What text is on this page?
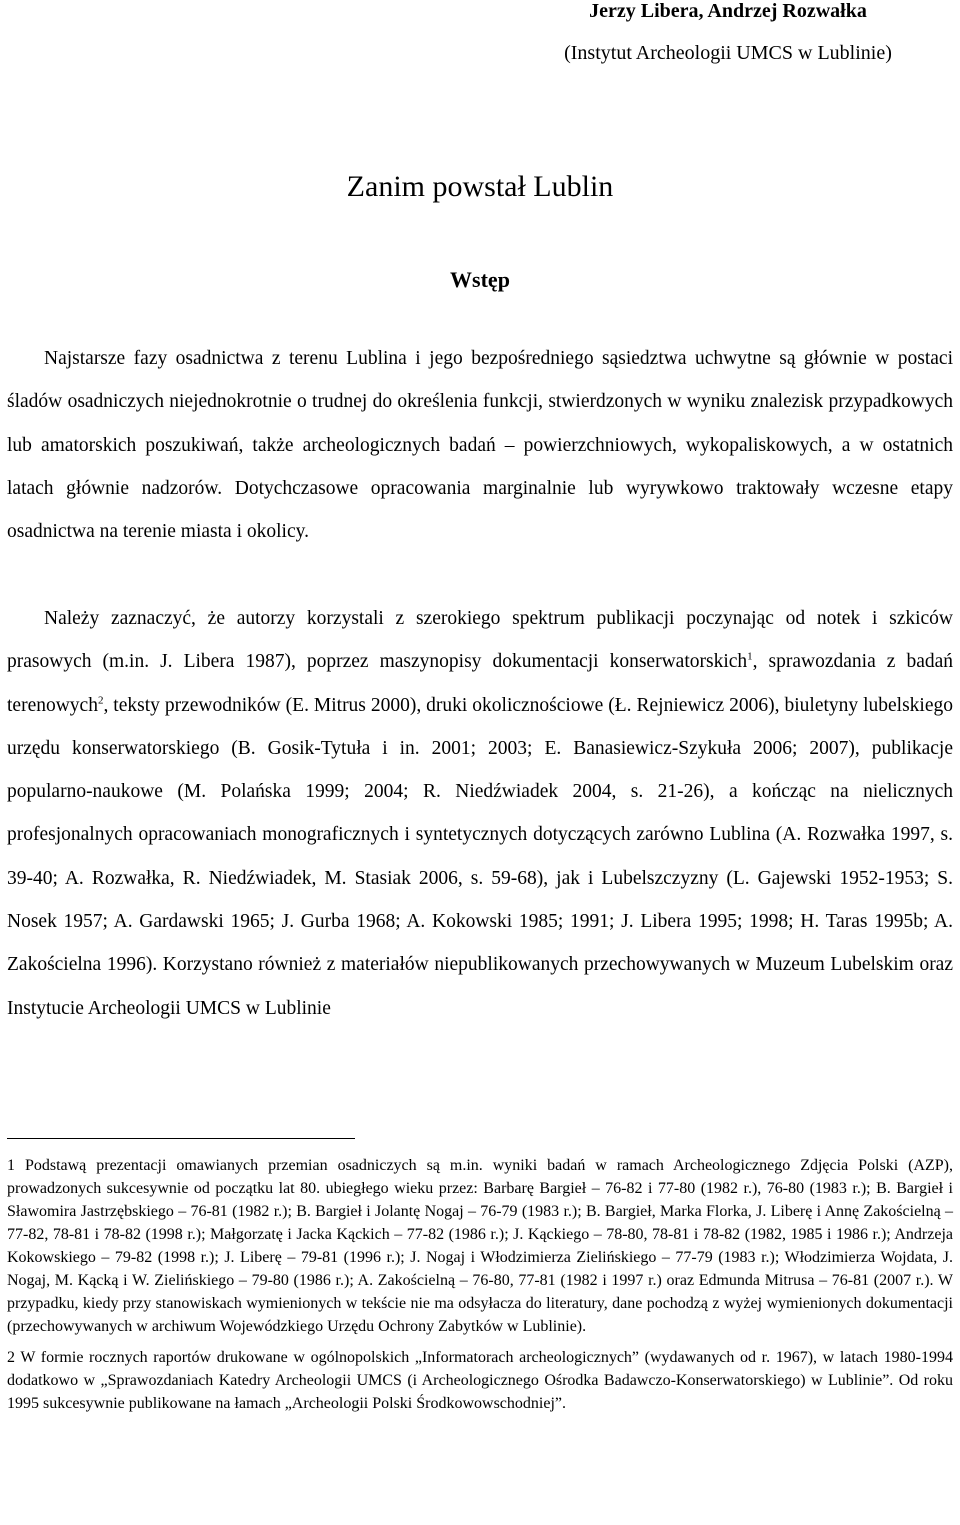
Jerzy Libera, Andrzej Rozwałka
(Instytut Archeologii UMCS w Lublinie)
Zanim powstał Lublin
Wstęp

Najstarsze fazy osadnictwa z terenu Lublina i jego bezpośredniego sąsiedztwa uchwytne są głównie w postaci śladów osadniczych niejednokrotnie o trudnej do określenia funkcji, stwierdzonych w wyniku znalezisk przypadkowych lub amatorskich poszukiwań, także archeologicznych badań – powierzchniowych, wykopaliskowych, a w ostatnich latach głównie nadzorów. Dotychczasowe opracowania marginalnie lub wyrywkowo traktowały wczesne etapy osadnictwa na terenie miasta i okolicy.

Należy zaznaczyć, że autorzy korzystali z szerokiego spektrum publikacji poczynając od notek i szkiców prasowych (m.in. J. Libera 1987), poprzez maszynopisy dokumentacji konserwatorskich$^1$, sprawozdania z badań terenowych$^2$, teksty przewodników (E. Mitrus 2000), druki okolicznościowe (Ł. Rejniewicz 2006), biuletyny lubelskiego urzędu konserwatorskiego (B. Gosik-Tytuła i in. 2001; 2003; E. Banasiewicz-Szykuła 2006; 2007), publikacje popularno-naukowe (M. Polańska 1999; 2004; R. Niedźwiadek 2004, s. 21-26), a kończąc na nielicznych profesjonalnych opracowaniach monograficznych i syntetycznych dotyczących zarówno Lublina (A. Rozwałka 1997, s. 39-40; A. Rozwałka, R. Niedźwiadek, M. Stasiak 2006, s. 59-68), jak i Lubelszczyzny (L. Gajewski 1952-1953; S. Nosek 1957; A. Gardawski 1965; J. Gurba 1968; A. Kokowski 1985; 1991; J. Libera 1995; 1998; H. Taras 1995b; A. Zakościelna 1996). Korzystano również z materiałów niepublikowanych przechowywanych w Muzeum Lubelskim oraz Instytucie Archeologii UMCS w Lublinie

1 Podstawą prezentacji omawianych przemian osadniczych są m.in. wyniki badań w ramach Archeologicznego Zdjęcia Polski (AZP), prowadzonych sukcesywnie od początku lat 80. ubiegłego wieku przez: Barbarę Bargieł – 76-82 i 77-80 (1982 r.), 76-80 (1983 r.); B. Bargieł i Sławomira Jastrzębskiego – 76-81 (1982 r.); B. Bargieł i Jolantę Nogaj – 76-79 (1983 r.); B. Bargieł, Marka Florka, J. Liberę i Annę Zakościelną – 77-82, 78-81 i 78-82 (1998 r.); Małgorzatę i Jacka Kąckich – 77-82 (1986 r.); J. Kąckiego – 78-80, 78-81 i 78-82 (1982, 1985 i 1986 r.); Andrzeja Kokowskiego – 79-82 (1998 r.); J. Liberę – 79-81 (1996 r.); J. Nogaj i Włodzimierza Zielińskiego – 77-79 (1983 r.); Włodzimierza Wojdata, J. Nogaj, M. Kącką i W. Zielińskiego – 79-80 (1986 r.); A. Zakościelną – 76-80, 77-81 (1982 i 1997 r.) oraz Edmunda Mitrusa – 76-81 (2007 r.). W przypadku, kiedy przy stanowiskach wymienionych w tekście nie ma odsyłacza do literatury, dane pochodzą z wyżej wymienionych dokumentacji (przechowywanych w archiwum Wojewódzkiego Urzędu Ochrony Zabytków w Lublinie).

2 W formie rocznych raportów drukowane w ogólnopolskich „Informatorach archeologicznych” (wydawanych od r. 1967), w latach 1980-1994 dodatkowo w „Sprawozdaniach Katedry Archeologii UMCS (i Archeologicznego Ośrodka Badawczo-Konserwatorskiego) w Lublinie”. Od roku 1995 sukcesywnie publikowane na łamach „Archeologii Polski Środkowowschodniej”.
